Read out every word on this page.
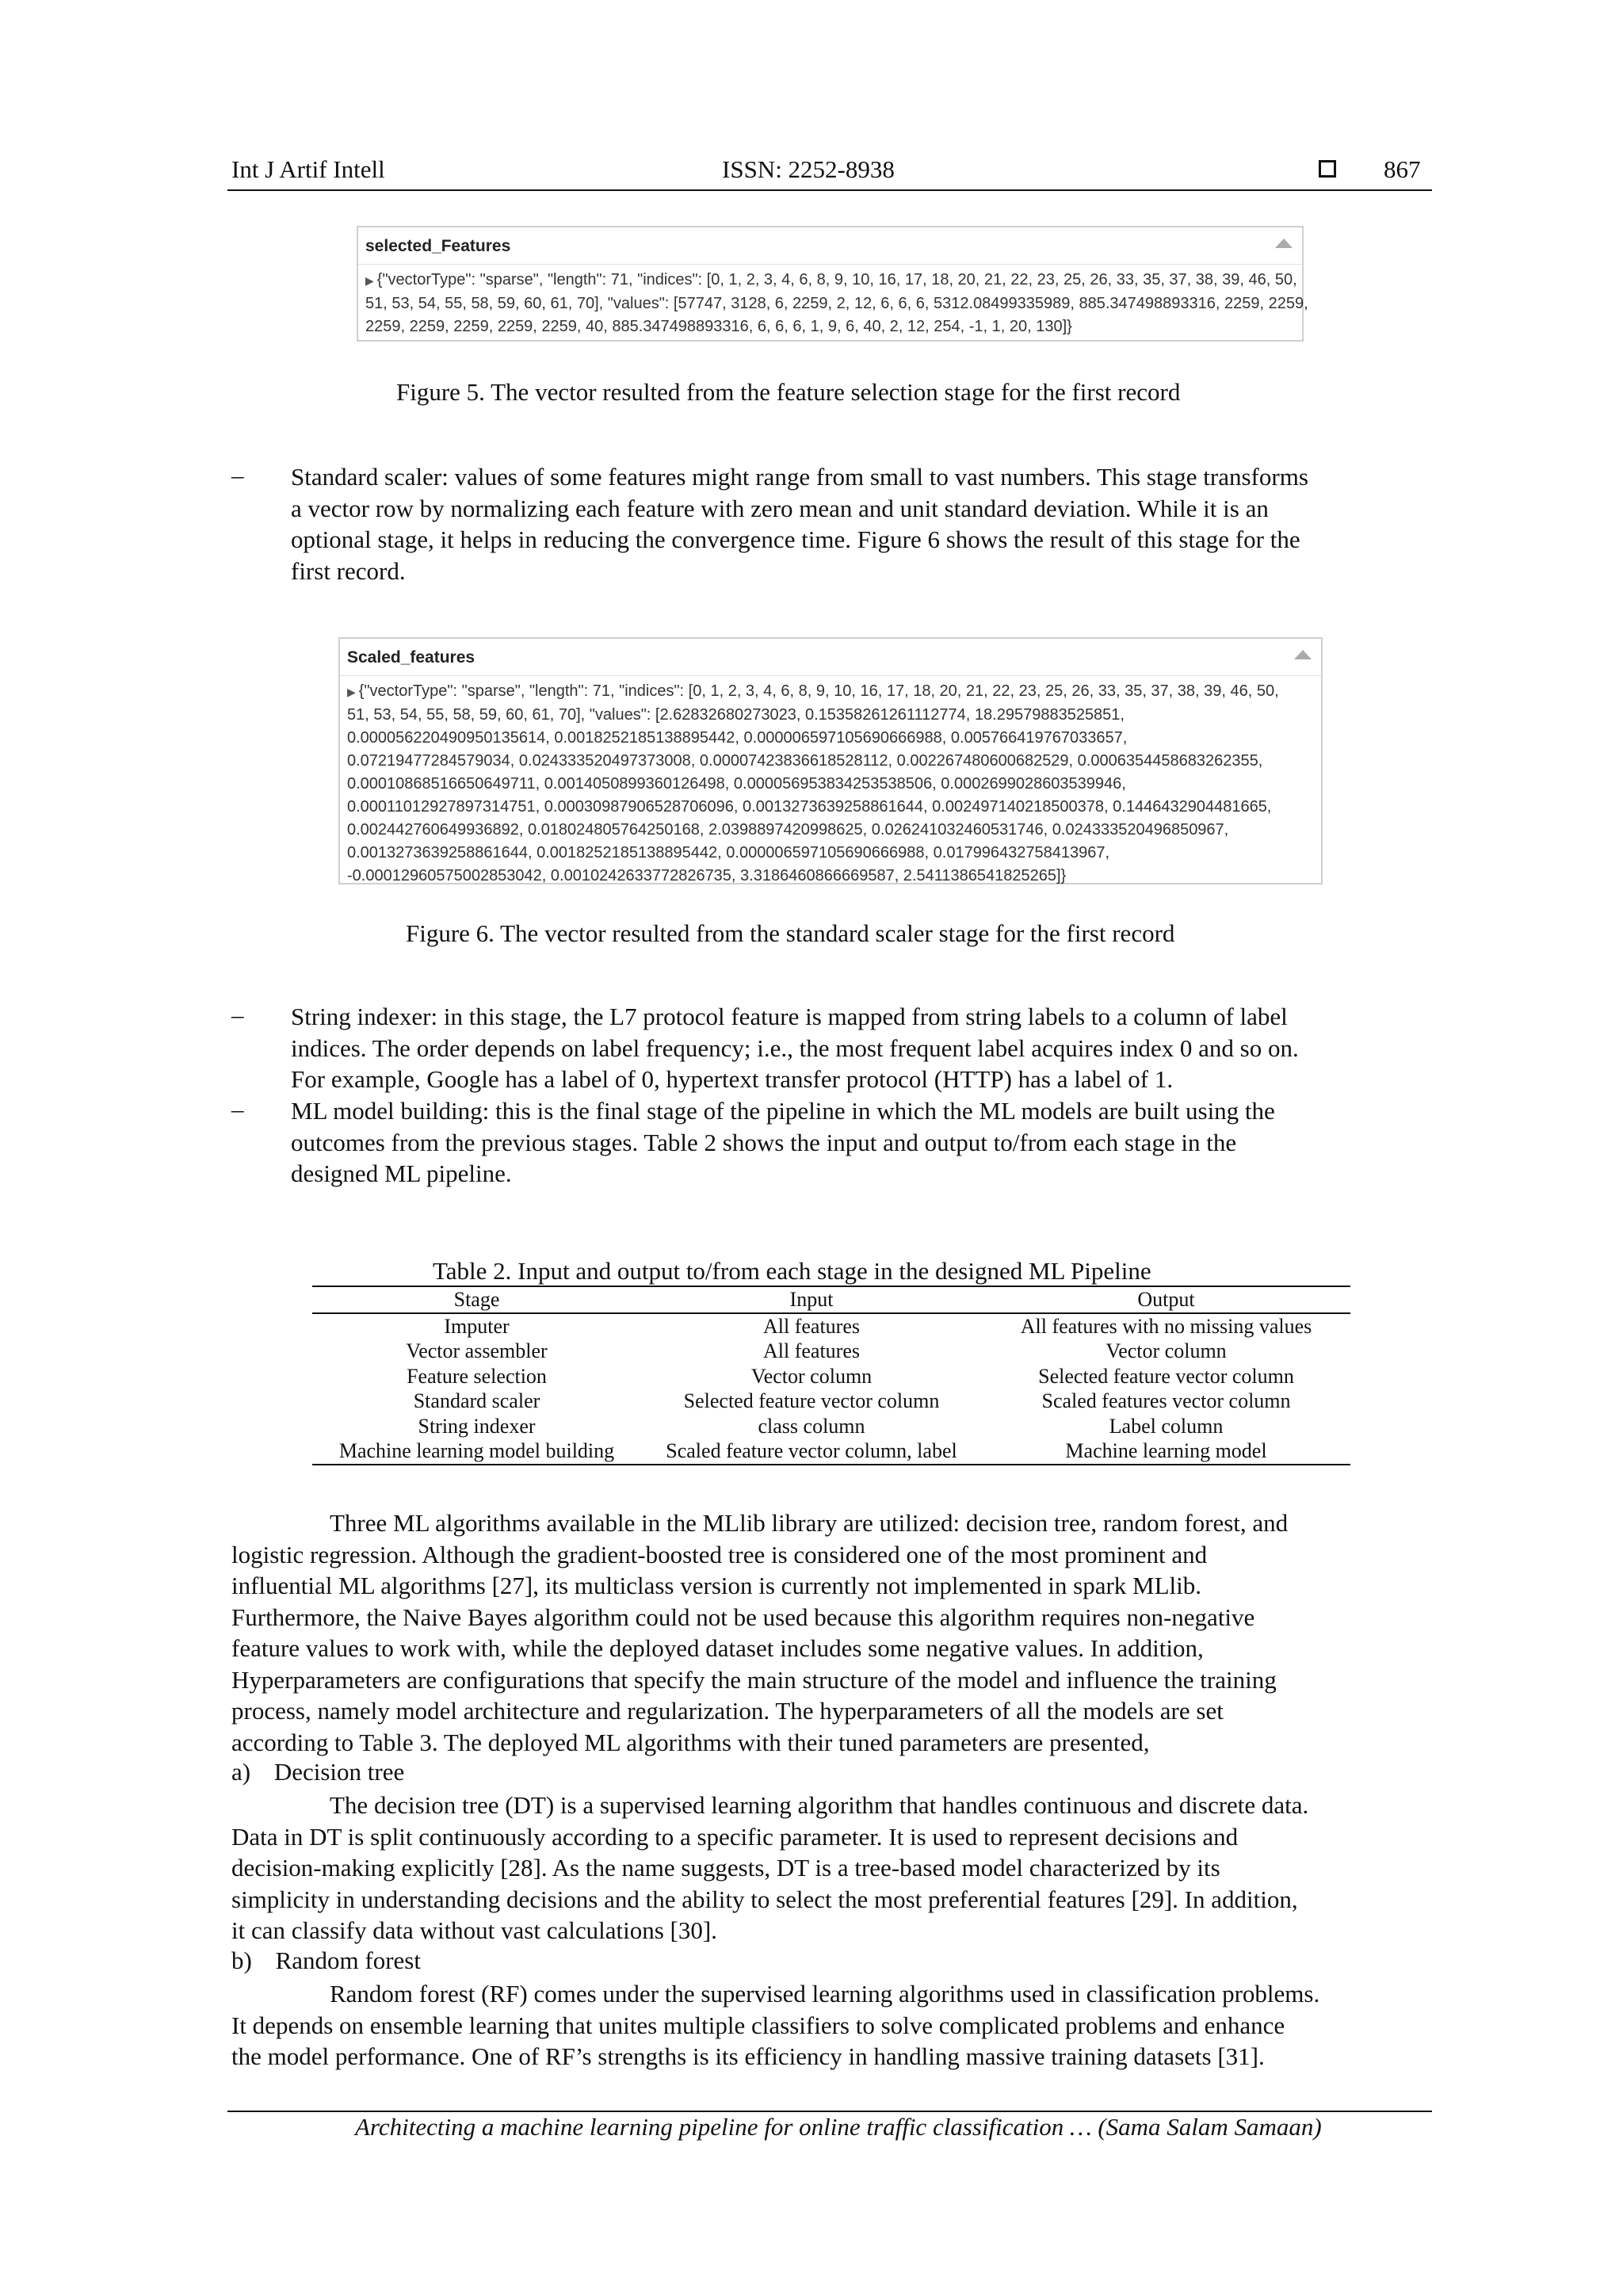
Int J Artif Intell	ISSN: 2252-8938	867
selected_Features
▶ {"vectorType": "sparse", "length": 71, "indices": [0, 1, 2, 3, 4, 6, 8, 9, 10, 16, 17, 18, 20, 21, 22, 23, 25, 26, 33, 35, 37, 38, 39, 46, 50,
51, 53, 54, 55, 58, 59, 60, 61, 70], "values": [57747, 3128, 6, 2259, 2, 12, 6, 6, 6, 5312.08499335989, 885.347498893316, 2259, 2259,
2259, 2259, 2259, 2259, 2259, 40, 885.347498893316, 6, 6, 6, 1, 9, 6, 40, 2, 12, 254, -1, 1, 20, 130]}
Figure 5. The vector resulted from the feature selection stage for the first record
– Standard scaler: values of some features might range from small to vast numbers. This stage transforms
a vector row by normalizing each feature with zero mean and unit standard deviation. While it is an
optional stage, it helps in reducing the convergence time. Figure 6 shows the result of this stage for the
first record.
Scaled_features
▶ {"vectorType": "sparse", "length": 71, "indices": [0, 1, 2, 3, 4, 6, 8, 9, 10, 16, 17, 18, 20, 21, 22, 23, 25, 26, 33, 35, 37, 38, 39, 46, 50,
51, 53, 54, 55, 58, 59, 60, 61, 70], "values": [2.62832680273023, 0.15358261261112774, 18.29579883525851,
0.000056220490950135614, 0.0018252185138895442, 0.000006597105690666988, 0.005766419767033657,
0.07219477284579034, 0.024333520497373008, 0.00007423836618528112, 0.002267480600682529, 0.0006354458683262355,
0.00010868516650649711, 0.0014050899360126498, 0.000056953834253538506, 0.0002699028603539946,
0.00011012927897314751, 0.00030987906528706096, 0.0013273639258861644, 0.002497140218500378, 0.1446432904481665,
0.002442760649936892, 0.018024805764250168, 2.0398897420998625, 0.026241032460531746, 0.024333520496850967,
0.0013273639258861644, 0.0018252185138895442, 0.000006597105690666988, 0.017996432758413967,
-0.00012960575002853042, 0.0010242633772826735, 3.3186460866669587, 2.5411386541825265]}
Figure 6. The vector resulted from the standard scaler stage for the first record
– String indexer: in this stage, the L7 protocol feature is mapped from string labels to a column of label
indices. The order depends on label frequency; i.e., the most frequent label acquires index 0 and so on.
For example, Google has a label of 0, hypertext transfer protocol (HTTP) has a label of 1.
– ML model building: this is the final stage of the pipeline in which the ML models are built using the
outcomes from the previous stages. Table 2 shows the input and output to/from each stage in the
designed ML pipeline.
Table 2. Input and output to/from each stage in the designed ML Pipeline
Stage	Input	Output
Imputer	All features	All features with no missing values
Vector assembler	All features	Vector column
Feature selection	Vector column	Selected feature vector column
Standard scaler	Selected feature vector column	Scaled features vector column
String indexer	class column	Label column
Machine learning model building	Scaled feature vector column, label	Machine learning model
Three ML algorithms available in the MLlib library are utilized: decision tree, random forest, and
logistic regression. Although the gradient-boosted tree is considered one of the most prominent and
influential ML algorithms [27], its multiclass version is currently not implemented in spark MLlib.
Furthermore, the Naive Bayes algorithm could not be used because this algorithm requires non-negative
feature values to work with, while the deployed dataset includes some negative values. In addition,
Hyperparameters are configurations that specify the main structure of the model and influence the training
process, namely model architecture and regularization. The hyperparameters of all the models are set
according to Table 3. The deployed ML algorithms with their tuned parameters are presented,
a) Decision tree
The decision tree (DT) is a supervised learning algorithm that handles continuous and discrete data.
Data in DT is split continuously according to a specific parameter. It is used to represent decisions and
decision-making explicitly [28]. As the name suggests, DT is a tree-based model characterized by its
simplicity in understanding decisions and the ability to select the most preferential features [29]. In addition,
it can classify data without vast calculations [30].
b) Random forest
Random forest (RF) comes under the supervised learning algorithms used in classification problems.
It depends on ensemble learning that unites multiple classifiers to solve complicated problems and enhance
the model performance. One of RF’s strengths is its efficiency in handling massive training datasets [31].
Architecting a machine learning pipeline for online traffic classification … (Sama Salam Samaan)
